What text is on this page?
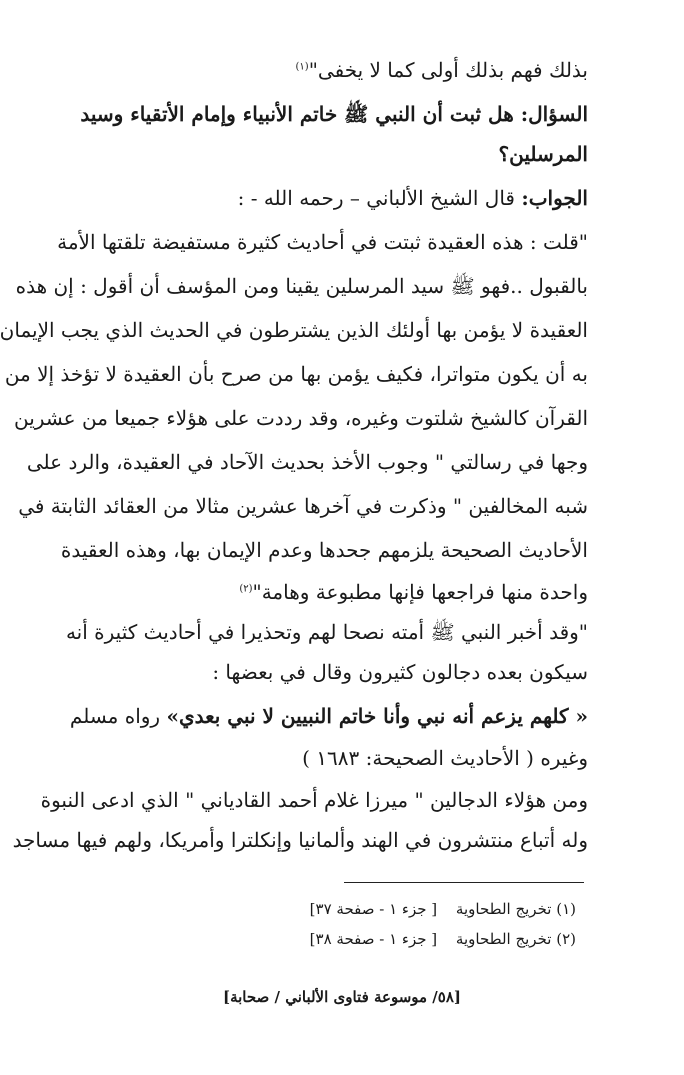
بذلك فهم بذلك أولى كما لا يخفى"$^{(١)}$
السؤال: هل ثبت أن النبي ﷺ خاتم الأنبياء وإمام الأتقياء وسيد
المرسلين؟
الجواب: قال الشيخ الألباني – رحمه الله - :
"قلت : هذه العقيدة ثبتت في أحاديث كثيرة مستفيضة تلقتها الأمة
بالقبول ..فهو ﷺ سيد المرسلين يقينا ومن المؤسف أن أقول : إن هذه
العقيدة لا يؤمن بها أولئك الذين يشترطون في الحديث الذي يجب الإيمان
به أن يكون متواترا، فكيف يؤمن بها من صرح بأن العقيدة لا تؤخذ إلا من
القرآن كالشيخ شلتوت وغيره، وقد رددت على هؤلاء جميعا من عشرين
وجها في رسالتي " وجوب الأخذ بحديث الآحاد في العقيدة، والرد على
شبه المخالفين " وذكرت في آخرها عشرين مثالا من العقائد الثابتة في
الأحاديث الصحيحة يلزمهم جحدها وعدم الإيمان بها، وهذه العقيدة
واحدة منها فراجعها فإنها مطبوعة وهامة"$^{(٢)}$
"وقد أخبر النبي ﷺ أمته نصحا لهم وتحذيرا في أحاديث كثيرة أنه
سيكون بعده دجالون كثيرون وقال في بعضها :
« كلهم يزعم أنه نبي وأنا خاتم النبيين لا نبي بعدي» رواه مسلم
وغيره ( الأحاديث الصحيحة: ١٦٨٣ )
ومن هؤلاء الدجالين " ميرزا غلام أحمد القادياني " الذي ادعى النبوة
وله أتباع منتشرون في الهند وألمانيا وإنكلترا وأمريكا، ولهم فيها مساجد
(١) تخريج الطحاوية [ جزء ١ - صفحة ٣٧]
(٢) تخريج الطحاوية [ جزء ١ - صفحة ٣٨]
[٥٨/ موسوعة فتاوى الألباني / صحابة]
